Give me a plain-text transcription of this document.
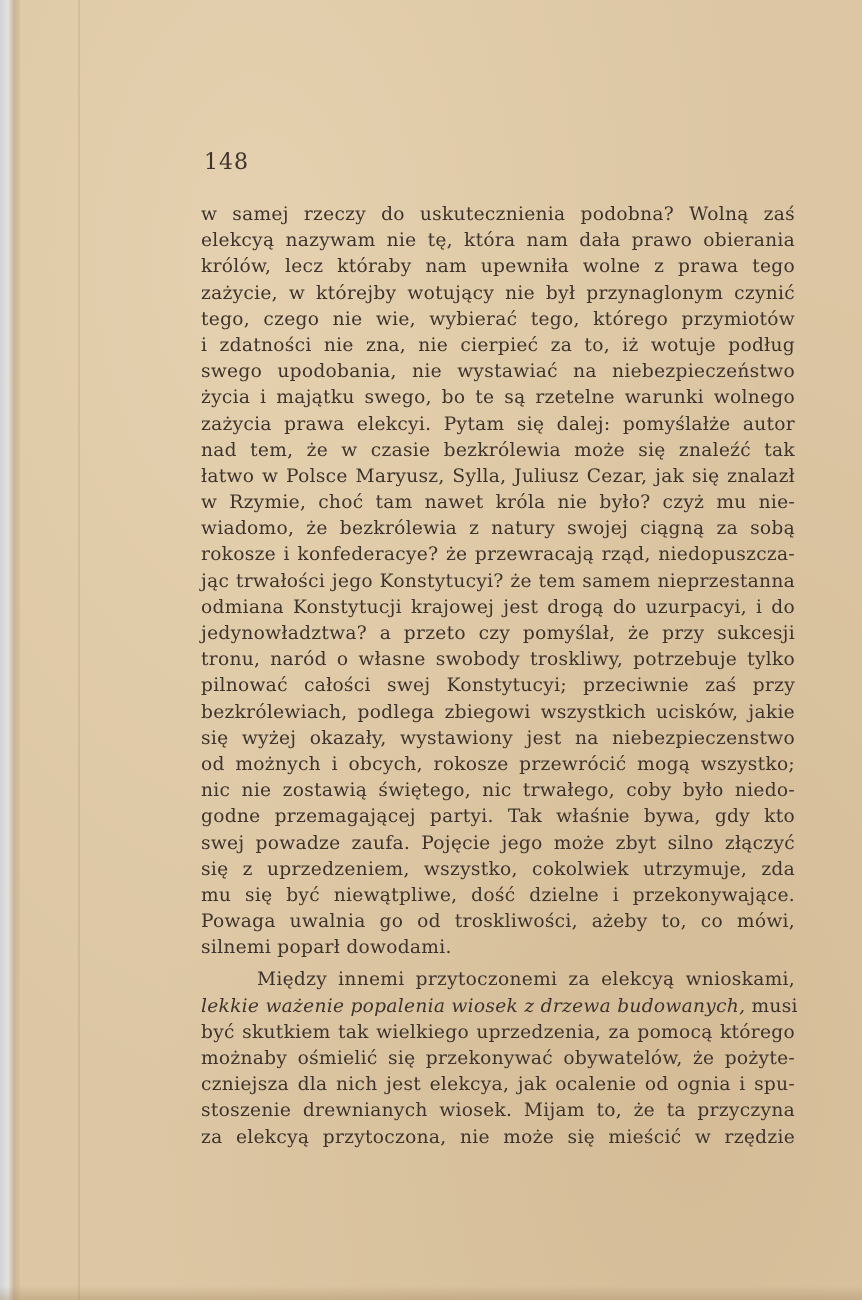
148

w samej rzeczy do uskutecznienia podobna? Wolną zaś
elekcyą nazywam nie tę, która nam dała prawo obierania
królów, lecz któraby nam upewniła wolne z prawa tego
zażycie, w którejby wotujący nie był przynaglonym czynić
tego, czego nie wie, wybierać tego, którego przymiotów
i zdatności nie zna, nie cierpieć za to, iż wotuje podług
swego upodobania, nie wystawiać na niebezpieczeństwo
życia i majątku swego, bo te są rzetelne warunki wolnego
zażycia prawa elekcyi. Pytam się dalej: pomyślałże autor
nad tem, że w czasie bezkrólewia może się znaleźć tak
łatwo w Polsce Maryusz, Sylla, Juliusz Cezar, jak się znalazł
w Rzymie, choć tam nawet króla nie było? czyż mu nie-
wiadomo, że bezkrólewia z natury swojej ciągną za sobą
rokosze i konfederacye? że przewracają rząd, niedopuszcza-
jąc trwałości jego Konstytucyi? że tem samem nieprzestanna
odmiana Konstytucji krajowej jest drogą do uzurpacyi, i do
jedynowładztwa? a przeto czy pomyślał, że przy sukcesji
tronu, naród o własne swobody troskliwy, potrzebuje tylko
pilnować całości swej Konstytucyi; przeciwnie zaś przy
bezkrólewiach, podlega zbiegowi wszystkich ucisków, jakie
się wyżej okazały, wystawiony jest na niebezpieczenstwo
od możnych i obcych, rokosze przewrócić mogą wszystko;
nic nie zostawią świętego, nic trwałego, coby było niedo-
godne przemagającej partyi. Tak właśnie bywa, gdy kto
swej powadze zaufa. Pojęcie jego może zbyt silno złączyć
się z uprzedzeniem, wszystko, cokolwiek utrzymuje, zda
mu się być niewątpliwe, dość dzielne i przekonywające.
Powaga uwalnia go od troskliwości, ażeby to, co mówi,
silnemi poparł dowodami.
Między innemi przytoczonemi za elekcyą wnioskami,
lekkie ważenie popalenia wiosek z drzewa budowanych, musi
być skutkiem tak wielkiego uprzedzenia, za pomocą którego
możnaby ośmielić się przekonywać obywatelów, że pożyte-
czniejsza dla nich jest elekcya, jak ocalenie od ognia i spu-
stoszenie drewnianych wiosek. Mijam to, że ta przyczyna
za elekcyą przytoczona, nie może się mieścić w rzędzie
